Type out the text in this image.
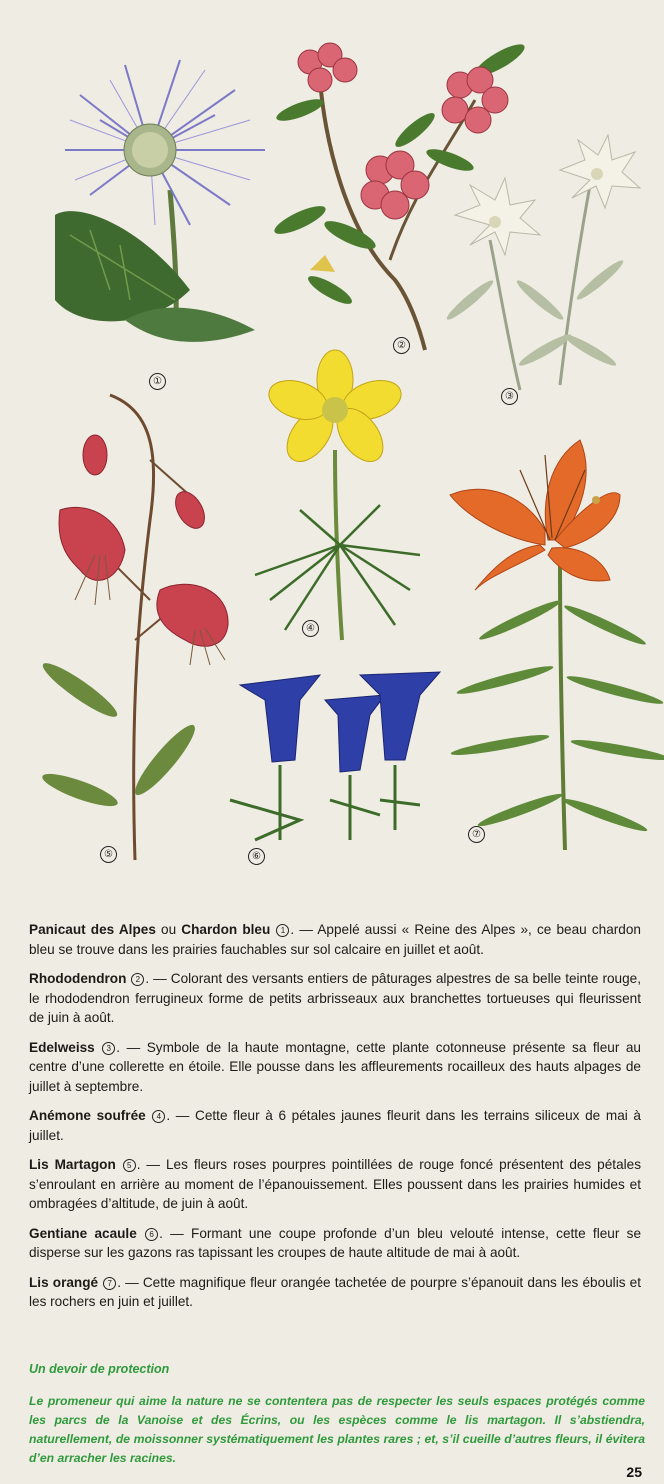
①
②
③
④
⑤	⑥
⑦

Panicaut des Alpes ou Chardon bleu 1 . — Appelé aussi « Reine des Alpes », ce beau chardon bleu se trouve dans les prairies fauchables sur sol calcaire en juillet et août.

Rhododendron 2 . — Colorant des versants entiers de pâturages alpestres de sa belle teinte rouge, le rhododendron ferrugineux forme de petits arbrisseaux aux branchettes tortueuses qui fleurissent de juin à août.

Edelweiss 3 . — Symbole de la haute montagne, cette plante cotonneuse présente sa fleur au centre d’une collerette en étoile. Elle pousse dans les affleurements rocailleux des hauts alpages de juillet à septembre.

Anémone soufrée 4 . — Cette fleur à 6 pétales jaunes fleurit dans les terrains siliceux de mai à juillet.

Lis Martagon 5 . — Les fleurs roses pourpres pointillées de rouge foncé présentent des pétales s’enroulant en arrière au moment de l’épanouissement. Elles poussent dans les prairies humides et ombragées d’altitude, de juin à août.

Gentiane acaule 6 . — Formant une coupe profonde d’un bleu velouté intense, cette fleur se disperse sur les gazons ras tapissant les croupes de haute altitude de mai à août.

Lis orangé 7 . — Cette magnifique fleur orangée tachetée de pourpre s’épanouit dans les éboulis et les rochers en juin et juillet.

Un devoir de protection
Le promeneur qui aime la nature ne se contentera pas de respecter les seuls espaces protégés comme les parcs de la Vanoise et des Écrins, ou les espèces comme le lis martagon. Il s’abstiendra, naturellement, de moissonner systématiquement les plantes rares ; et, s’il cueille d’autres fleurs, il évitera d’en arracher les racines.
25
